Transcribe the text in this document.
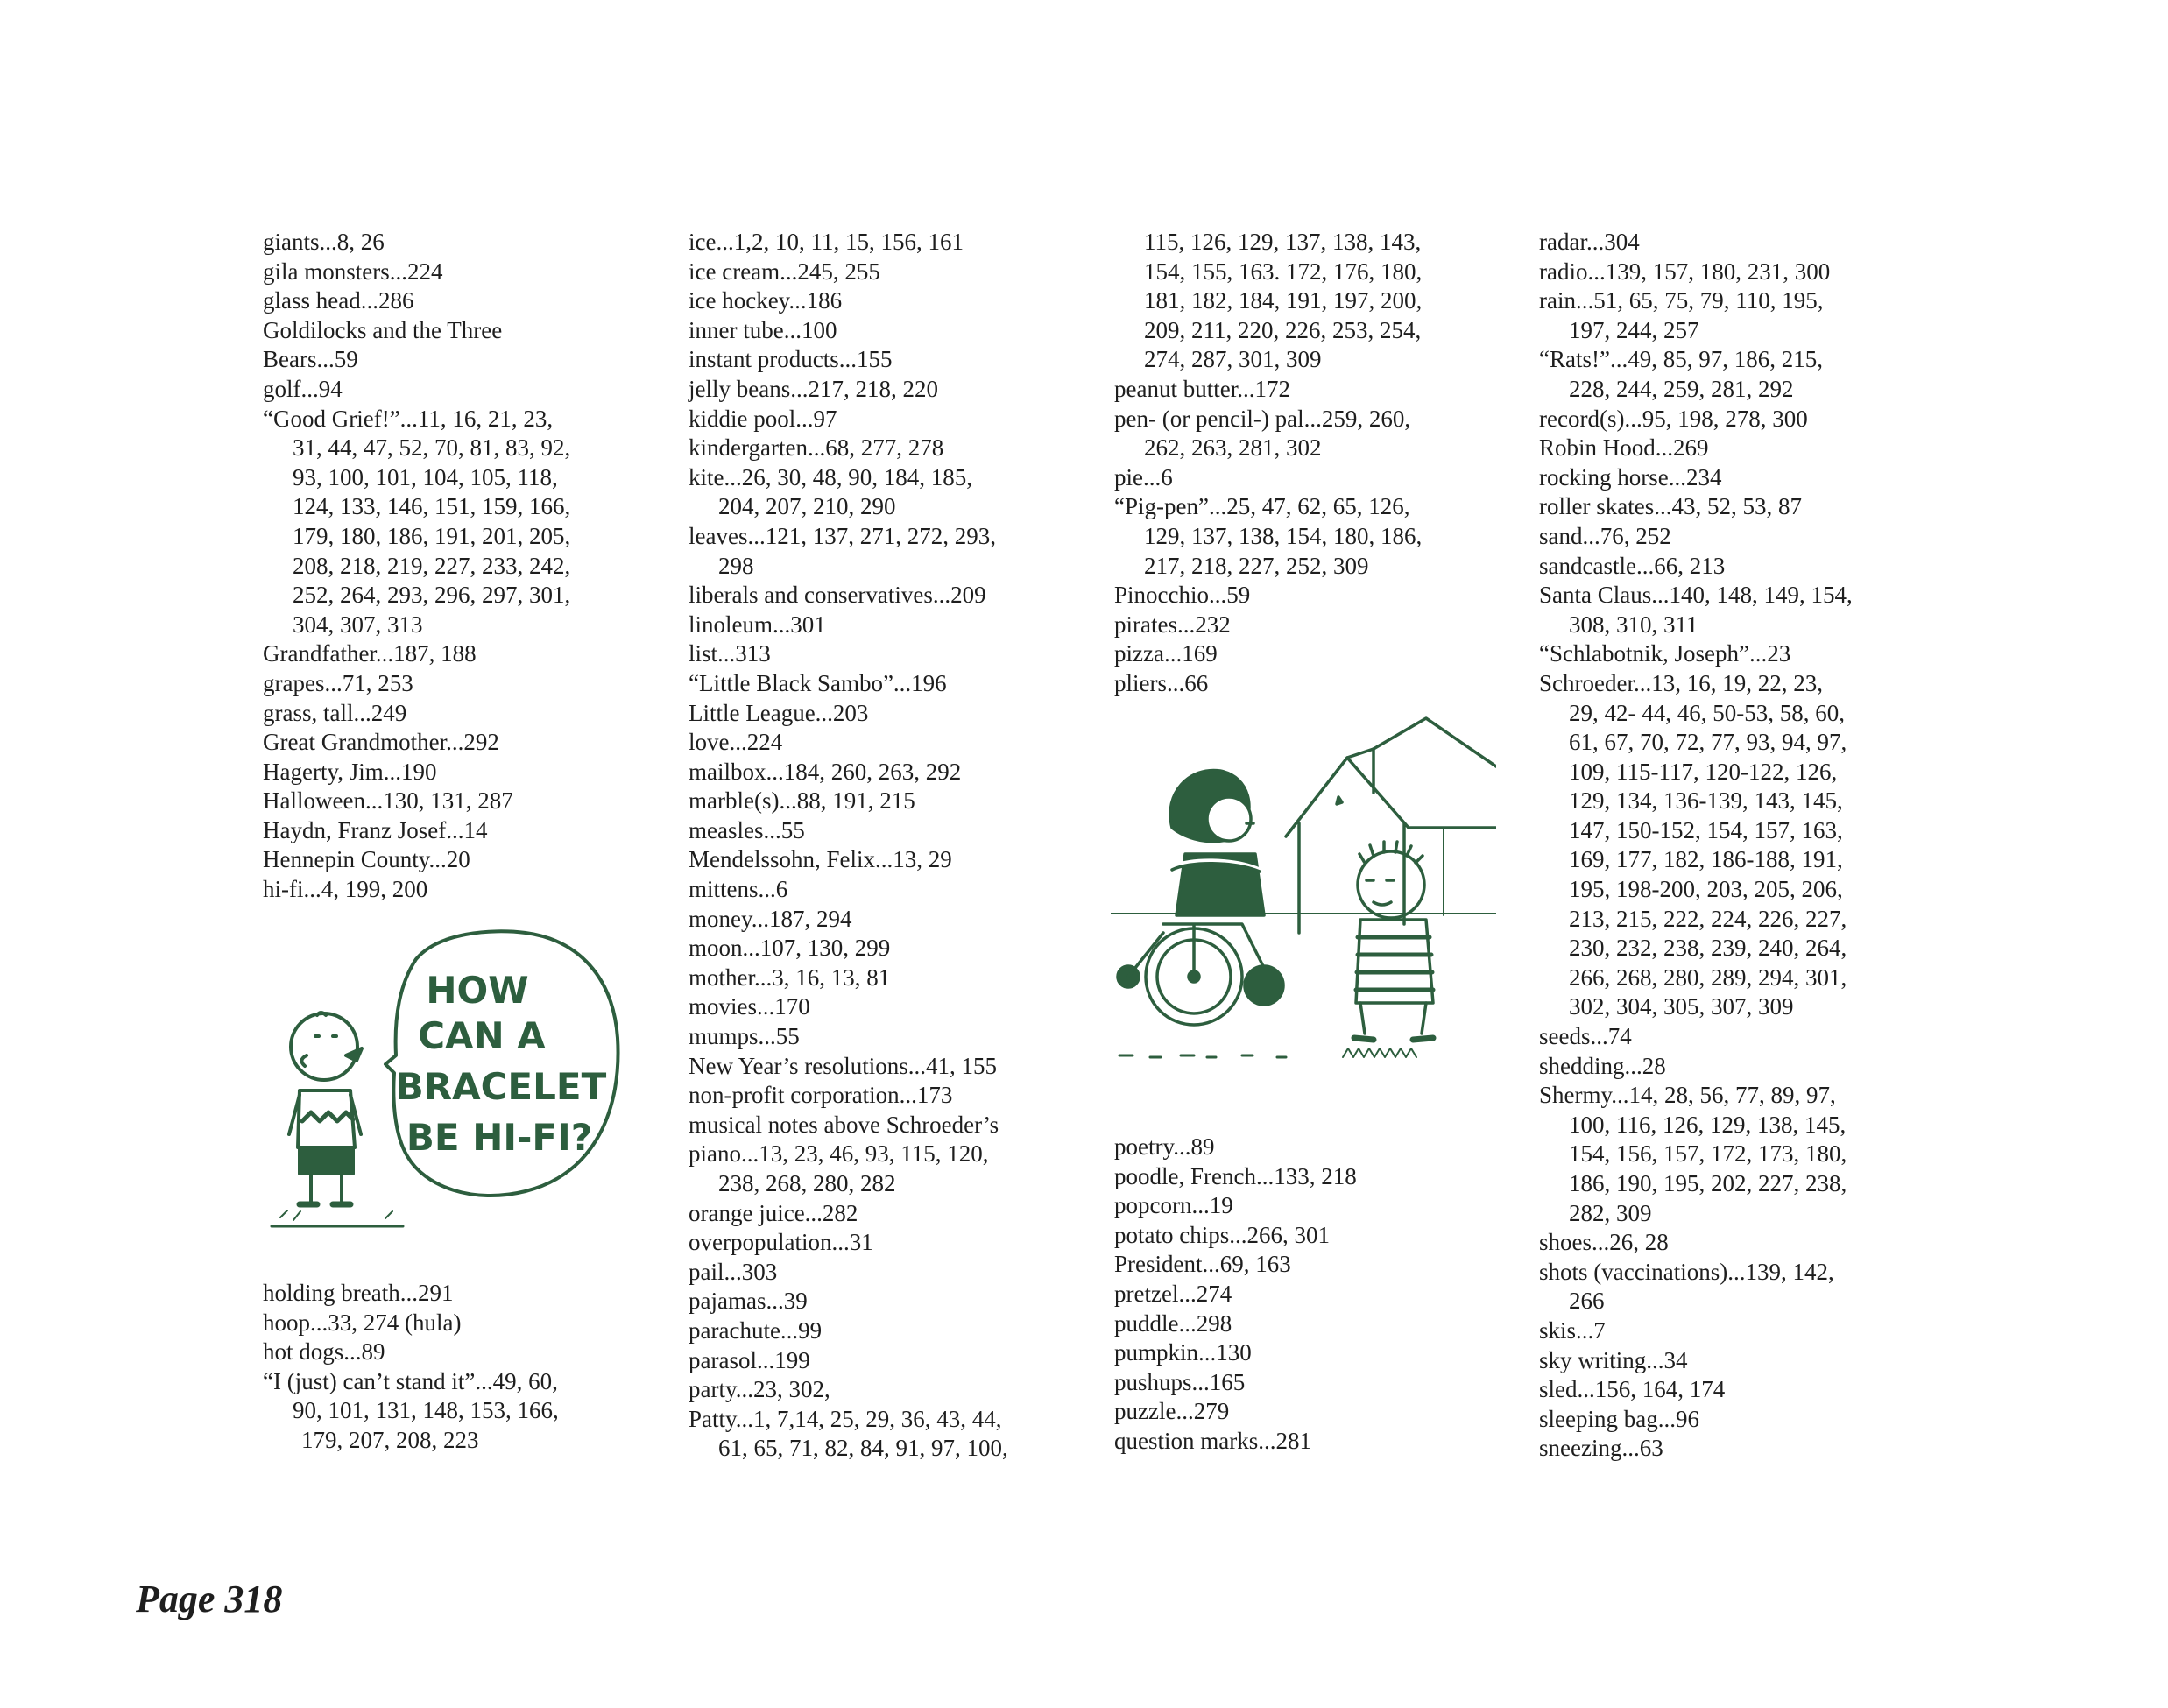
giants...8, 26
gila monsters...224
glass head...286
Goldilocks and the Three
Bears...59
golf...94
“Good Grief!”...11, 16, 21, 23,
31, 44, 47, 52, 70, 81, 83, 92,
93, 100, 101, 104, 105, 118,
124, 133, 146, 151, 159, 166,
179, 180, 186, 191, 201, 205,
208, 218, 219, 227, 233, 242,
252, 264, 293, 296, 297, 301,
304, 307, 313
Grandfather...187, 188
grapes...71, 253
grass, tall...249
Great Grandmother...292
Hagerty, Jim...190
Halloween...130, 131, 287
Haydn, Franz Josef...14
Hennepin County...20
hi-fi...4, 199, 200
HOW
CAN A
BRACELET
BE HI-FI?
holding breath...291
hoop...33, 274 (hula)
hot dogs...89
“I (just) can’t stand it”...49, 60,
90, 101, 131, 148, 153, 166,
179, 207, 208, 223
ice...1,2, 10, 11, 15, 156, 161
ice cream...245, 255
ice hockey...186
inner tube...100
instant products...155
jelly beans...217, 218, 220
kiddie pool...97
kindergarten...68, 277, 278
kite...26, 30, 48, 90, 184, 185,
204, 207, 210, 290
leaves...121, 137, 271, 272, 293,
298
liberals and conservatives...209
linoleum...301
list...313
“Little Black Sambo”...196
Little League...203
love...224
mailbox...184, 260, 263, 292
marble(s)...88, 191, 215
measles...55
Mendelssohn, Felix...13, 29
mittens...6
money...187, 294
moon...107, 130, 299
mother...3, 16, 13, 81
movies...170
mumps...55
New Year’s resolutions...41, 155
non-profit corporation...173
musical notes above Schroeder’s
piano...13, 23, 46, 93, 115, 120,
238, 268, 280, 282
orange juice...282
overpopulation...31
pail...303
pajamas...39
parachute...99
parasol...199
party...23, 302,
Patty...1, 7,14, 25, 29, 36, 43, 44,
61, 65, 71, 82, 84, 91, 97, 100,
115, 126, 129, 137, 138, 143,
154, 155, 163. 172, 176, 180,
181, 182, 184, 191, 197, 200,
209, 211, 220, 226, 253, 254,
274, 287, 301, 309
peanut butter...172
pen- (or pencil-) pal...259, 260,
262, 263, 281, 302
pie...6
“Pig-pen”...25, 47, 62, 65, 126,
129, 137, 138, 154, 180, 186,
217, 218, 227, 252, 309
Pinocchio...59
pirates...232
pizza...169
pliers...66
poetry...89
poodle, French...133, 218
popcorn...19
potato chips...266, 301
President...69, 163
pretzel...274
puddle...298
pumpkin...130
pushups...165
puzzle...279
question marks...281
radar...304
radio...139, 157, 180, 231, 300
rain...51, 65, 75, 79, 110, 195,
197, 244, 257
“Rats!”...49, 85, 97, 186, 215,
228, 244, 259, 281, 292
record(s)...95, 198, 278, 300
Robin Hood...269
rocking horse...234
roller skates...43, 52, 53, 87
sand...76, 252
sandcastle...66, 213
Santa Claus...140, 148, 149, 154,
308, 310, 311
“Schlabotnik, Joseph”...23
Schroeder...13, 16, 19, 22, 23,
29, 42- 44, 46, 50-53, 58, 60,
61, 67, 70, 72, 77, 93, 94, 97,
109, 115-117, 120-122, 126,
129, 134, 136-139, 143, 145,
147, 150-152, 154, 157, 163,
169, 177, 182, 186-188, 191,
195, 198-200, 203, 205, 206,
213, 215, 222, 224, 226, 227,
230, 232, 238, 239, 240, 264,
266, 268, 280, 289, 294, 301,
302, 304, 305, 307, 309
seeds...74
shedding...28
Shermy...14, 28, 56, 77, 89, 97,
100, 116, 126, 129, 138, 145,
154, 156, 157, 172, 173, 180,
186, 190, 195, 202, 227, 238,
282, 309
shoes...26, 28
shots (vaccinations)...139, 142,
266
skis...7
sky writing...34
sled...156, 164, 174
sleeping bag...96
sneezing...63
Page 318
